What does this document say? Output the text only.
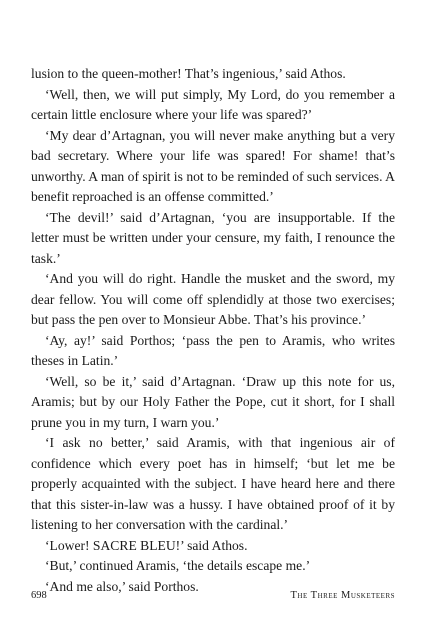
lusion to the queen-mother! That’s ingenious,’ said Athos.

‘Well, then, we will put simply, My Lord, do you remember a certain little enclosure where your life was spared?’

‘My dear d’Artagnan, you will never make anything but a very bad secretary. Where your life was spared! For shame! that’s unworthy. A man of spirit is not to be reminded of such services. A benefit reproached is an offense committed.’

‘The devil!’ said d’Artagnan, ‘you are insupportable. If the letter must be written under your censure, my faith, I renounce the task.’

‘And you will do right. Handle the musket and the sword, my dear fellow. You will come off splendidly at those two exercises; but pass the pen over to Monsieur Abbe. That’s his province.’

‘Ay, ay!’ said Porthos; ‘pass the pen to Aramis, who writes theses in Latin.’

‘Well, so be it,’ said d’Artagnan. ‘Draw up this note for us, Aramis; but by our Holy Father the Pope, cut it short, for I shall prune you in my turn, I warn you.’

‘I ask no better,’ said Aramis, with that ingenious air of confidence which every poet has in himself; ‘but let me be properly acquainted with the subject. I have heard here and there that this sister-in-law was a hussy. I have obtained proof of it by listening to her conversation with the cardinal.’

‘Lower! SACRE BLEU!’ said Athos.

‘But,’ continued Aramis, ‘the details escape me.’

‘And me also,’ said Porthos.

698	The Three Musketeers
